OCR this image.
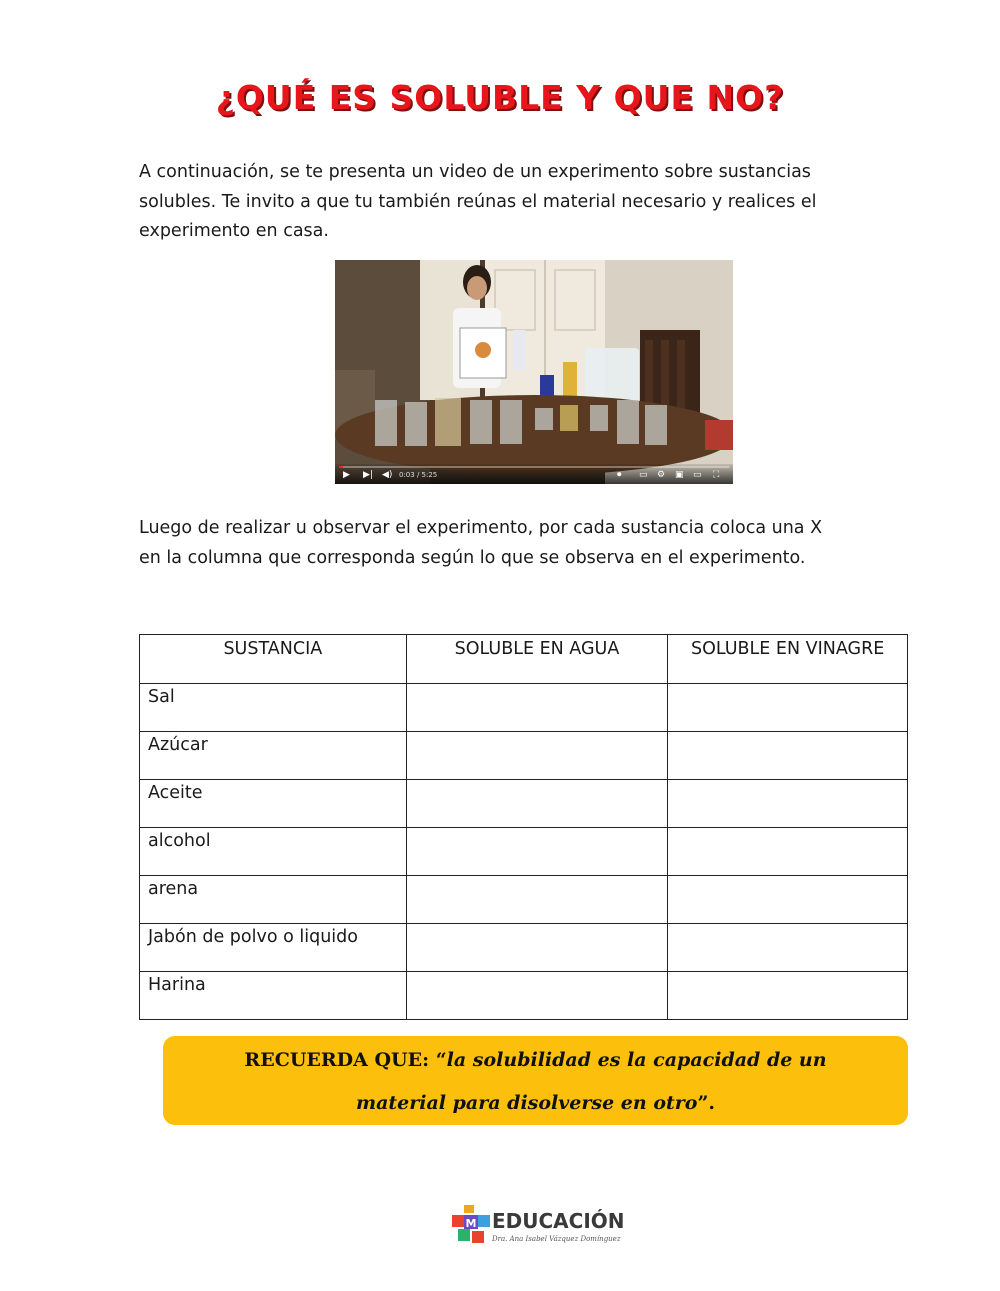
¿QUÉ ES SOLUBLE Y QUE NO?
A continuación, se te presenta un video de un experimento sobre sustancias
solubles. Te invito a que tu también reúnas el material necesario y realices el
experimento en casa.
▶ ▶| ◀) 0:03 / 5:25	⏺ ▭ ⚙ ▣ ▭ ⛶
Luego de realizar u observar el experimento, por cada sustancia coloca una X
en la columna que corresponda según lo que se observa en el experimento.
SUSTANCIA	SOLUBLE EN AGUA	SOLUBLE EN VINAGRE
Sal		
Azúcar		
Aceite		
alcohol		
arena		
Jabón de polvo o liquido		
Harina		
RECUERDA QUE: “la solubilidad es la capacidad de un
material para disolverse en otro”.
M EDUCACIÓN
Dra. Ana Isabel Vázquez Domínguez
